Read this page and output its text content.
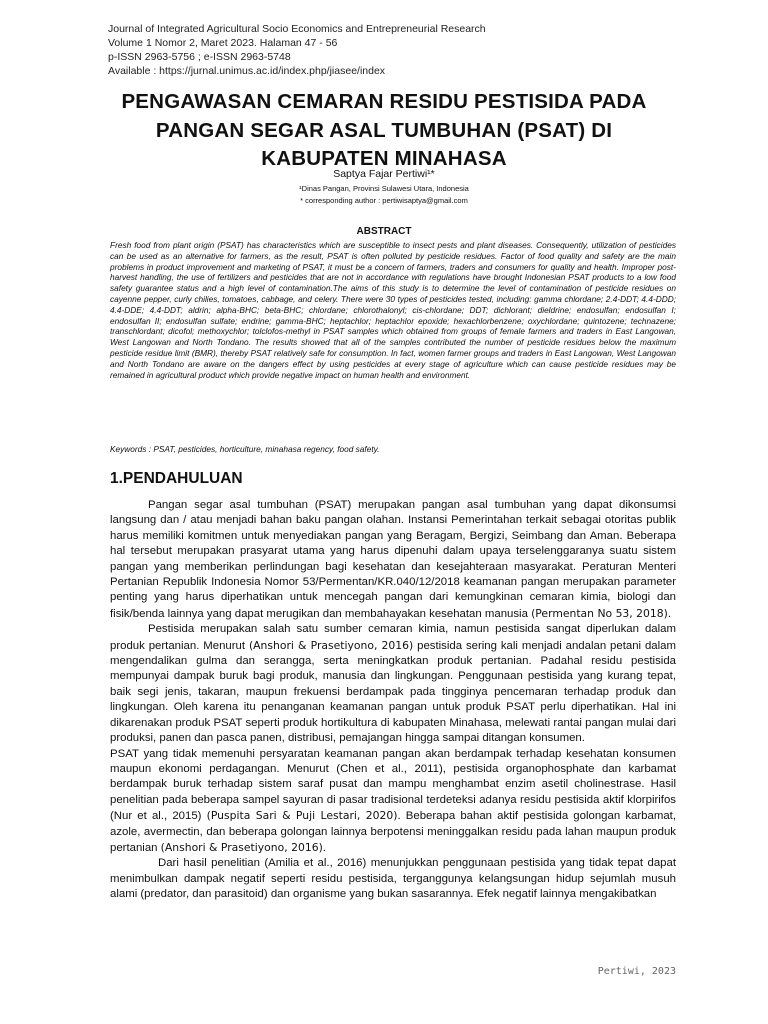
Journal of Integrated Agricultural Socio Economics and Entrepreneurial Research
Volume 1 Nomor 2, Maret 2023. Halaman 47 - 56
p-ISSN 2963-5756 ; e-ISSN 2963-5748
Available : https://jurnal.unimus.ac.id/index.php/jiasee/index
PENGAWASAN CEMARAN RESIDU PESTISIDA PADA PANGAN SEGAR ASAL TUMBUHAN (PSAT) DI KABUPATEN MINAHASA
Saptya Fajar Pertiwi¹*
¹Dinas Pangan, Provinsi Sulawesi Utara, Indonesia
* corresponding author : pertiwisaptya@gmail.com
ABSTRACT
Fresh food from plant origin (PSAT) has characteristics which are susceptible to insect pests and plant diseases. Consequently, utilization of pesticides can be used as an alternative for farmers, as the result, PSAT is often polluted by pesticide residues. Factor of food quality and safety are the main problems in product improvement and marketing of PSAT, it must be a concern of farmers, traders and consumers for quality and health. Improper post-harvest handling, the use of fertilizers and pesticides that are not in accordance with regulations have brought Indonesian PSAT products to a low food safety guarantee status and a high level of contamination.The aims of this study is to determine the level of contamination of pesticide residues on cayenne pepper, curly chilies, tomatoes, cabbage, and celery. There were 30 types of pesticides tested, including: gamma chlordane; 2.4-DDT; 4.4-DDD; 4.4-DDE; 4.4-DDT; aldrin; alpha-BHC; beta-BHC; chlordane; chlorothalonyl; cis-chlordane; DDT; dichlorant; dieldrine; endosulfan; endosulfan I; endosulfan II; endosulfan sulfate; endrine; gamma-BHC; heptachlor; heptachlor epoxide; hexachlorbenzene; oxychlordane; quintozene; technazene; transchlordant; dicofol; methoxychlor; tolclofos-methyl in PSAT samples which obtained from groups of female farmers and traders in East Langowan, West Langowan and North Tondano. The results showed that all of the samples contributed the number of pesticide residues below the maximum pesticide residue limit (BMR), thereby PSAT relatively safe for consumption. In fact, women farmer groups and traders in East Langowan, West Langowan and North Tondano are aware on the dangers effect by using pesticides at every stage of agriculture which can cause pesticide residues may be remained in agricultural product which provide negative impact on human health and environment.
Keywords : PSAT, pesticides, horticulture, minahasa regency, food safety.
1.PENDAHULUAN

Pangan segar asal tumbuhan (PSAT) merupakan pangan asal tumbuhan yang dapat dikonsumsi langsung dan / atau menjadi bahan baku pangan olahan. Instansi Pemerintahan terkait sebagai otoritas publik harus memiliki komitmen untuk menyediakan pangan yang Beragam, Bergizi, Seimbang dan Aman. Beberapa hal tersebut merupakan prasyarat utama yang harus dipenuhi dalam upaya terselenggaranya suatu sistem pangan yang memberikan perlindungan bagi kesehatan dan kesejahteraan masyarakat. Peraturan Menteri Pertanian Republik Indonesia Nomor 53/Permentan/KR.040/12/2018 keamanan pangan merupakan parameter penting yang harus diperhatikan untuk mencegah pangan dari kemungkinan cemaran kimia, biologi dan fisik/benda lainnya yang dapat merugikan dan membahayakan kesehatan manusia (Permentan No 53, 2018).

Pestisida merupakan salah satu sumber cemaran kimia, namun pestisida sangat diperlukan dalam produk pertanian. Menurut (Anshori & Prasetiyono, 2016) pestisida sering kali menjadi andalan petani dalam mengendalikan gulma dan serangga, serta meningkatkan produk pertanian. Padahal residu pestisida mempunyai dampak buruk bagi produk, manusia dan lingkungan. Penggunaan pestisida yang kurang tepat, baik segi jenis, takaran, maupun frekuensi berdampak pada tingginya pencemaran terhadap produk dan lingkungan. Oleh karena itu penanganan keamanan pangan untuk produk PSAT perlu diperhatikan. Hal ini dikarenakan produk PSAT seperti produk hortikultura di kabupaten Minahasa, melewati rantai pangan mulai dari produksi, panen dan pasca panen, distribusi, pemajangan hingga sampai ditangan konsumen.

PSAT yang tidak memenuhi persyaratan keamanan pangan akan berdampak terhadap kesehatan konsumen maupun ekonomi perdagangan. Menurut (Chen et al., 2011), pestisida organophosphate dan karbamat berdampak buruk terhadap sistem saraf pusat dan mampu menghambat enzim asetil cholinestrase. Hasil penelitian pada beberapa sampel sayuran di pasar tradisional terdeteksi adanya residu pestisida aktif klorpirifos (Nur et al., 2015) (Puspita Sari & Puji Lestari, 2020). Beberapa bahan aktif pestisida golongan karbamat, azole, avermectin, dan beberapa golongan lainnya berpotensi meninggalkan residu pada lahan maupun produk pertanian (Anshori & Prasetiyono, 2016).

Dari hasil penelitian (Amilia et al., 2016) menunjukkan penggunaan pestisida yang tidak tepat dapat menimbulkan dampak negatif seperti residu pestisida, terganggunya kelangsungan hidup sejumlah musuh alami (predator, dan parasitoid) dan organisme yang bukan sasarannya. Efek negatif lainnya mengakibatkan

Pertiwi, 2023
